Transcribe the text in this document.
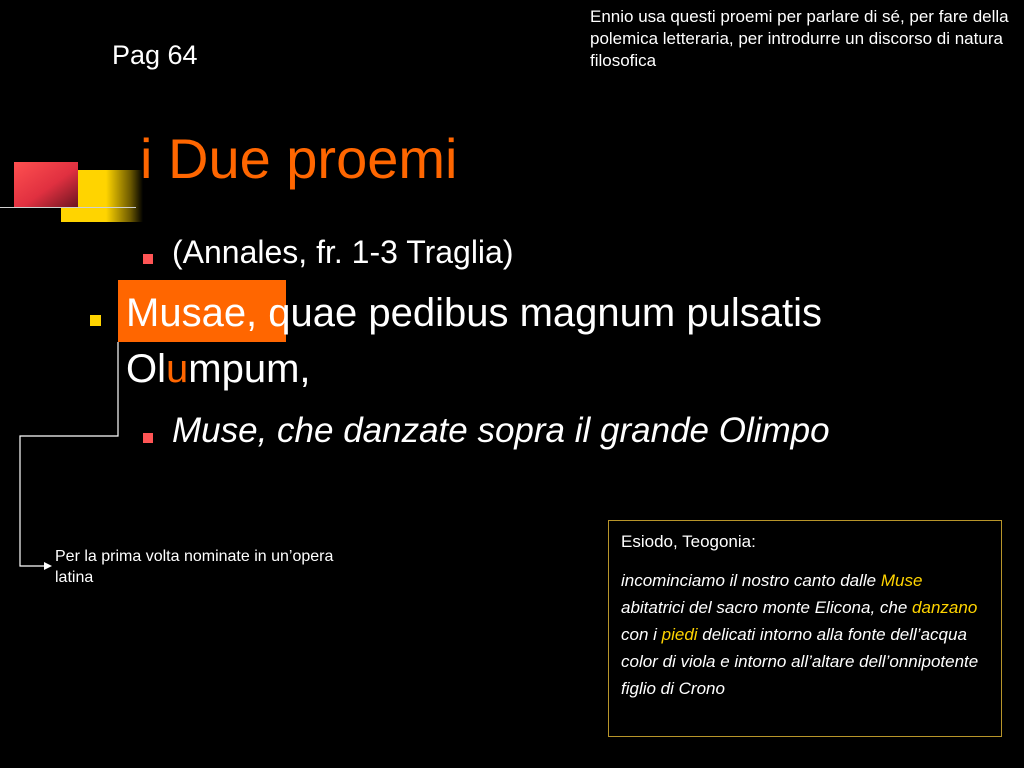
Ennio usa questi proemi per parlare di sé, per fare della polemica letteraria, per introdurre un discorso di natura filosofica
Pag 64
i Due proemi
(Annales, fr. 1-3 Traglia)
Musae, quae pedibus magnum pulsatis
Olumpum,
Muse, che danzate sopra il grande Olimpo
Per la prima volta nominate in un’opera latina
Esiodo, Teogonia:
incominciamo il nostro canto dalle Muse abitatrici del sacro monte Elicona, che danzano con i piedi delicati intorno alla fonte dell’acqua color di viola e intorno all’altare dell’onnipotente figlio di Crono
